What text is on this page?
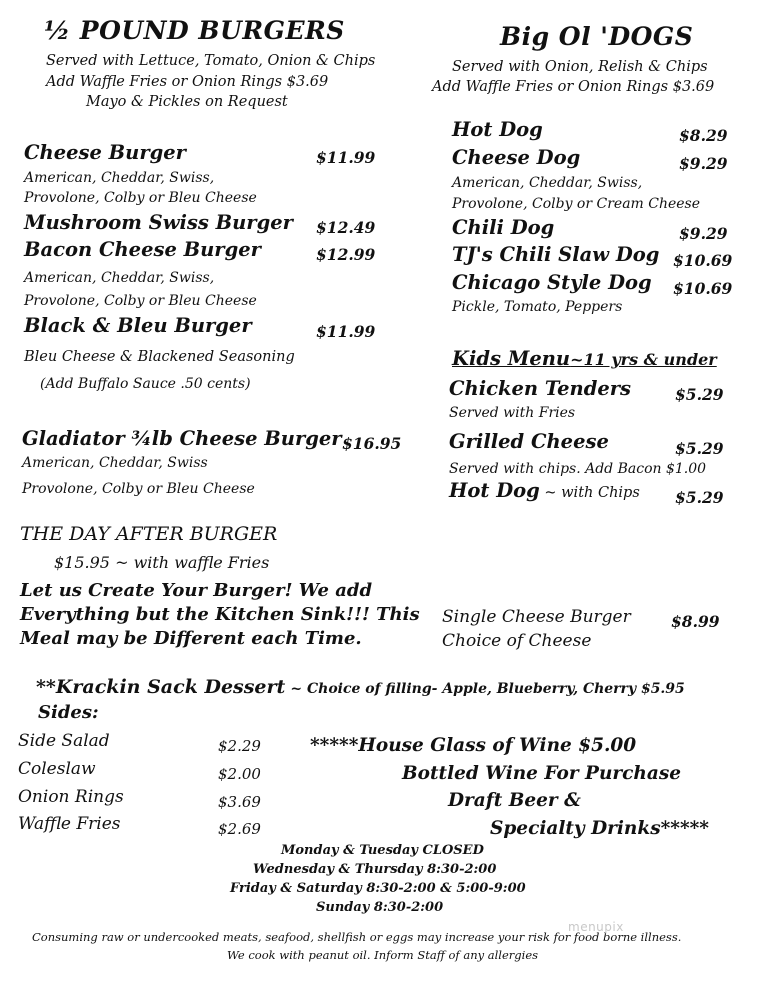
½ POUND BURGERS
Served with Lettuce, Tomato, Onion & Chips
Add Waffle Fries or Onion Rings $3.69
Mayo & Pickles on Request
Cheese Burger	$11.99
American, Cheddar, Swiss,
Provolone, Colby or Bleu Cheese
Mushroom Swiss Burger $12.49
Bacon Cheese Burger	$12.99
American, Cheddar, Swiss,
Provolone, Colby or Bleu Cheese
Black & Bleu Burger	$11.99
Bleu Cheese & Blackened Seasoning
(Add Buffalo Sauce .50 cents)
Gladiator ¾lb Cheese Burger $16.95
American, Cheddar, Swiss
Provolone, Colby or Bleu Cheese
THE DAY AFTER BURGER
$15.95 ~ with waffle Fries
Let us Create Your Burger! We add
Everything but the Kitchen Sink!!! This
Meal may be Different each Time.
Big Ol 'DOGS
Served with Onion, Relish & Chips
Add Waffle Fries or Onion Rings $3.69
Hot Dog	$8.29
Cheese Dog	$9.29
American, Cheddar, Swiss,
Provolone, Colby or Cream Cheese
Chili Dog	$9.29
TJ's Chili Slaw Dog $10.69
Chicago Style Dog $10.69
Pickle, Tomato, Peppers
Kids Menu~11 yrs & under
Chicken Tenders	$5.29
Served with Fries
Grilled Cheese	$5.29
Served with chips. Add Bacon $1.00
Hot Dog ~ with Chips $5.29
Single Cheese Burger	$8.99
Choice of Cheese
**Krackin Sack Dessert ~ Choice of filling- Apple, Blueberry, Cherry $5.95
Sides:
Side Salad	$2.29
Coleslaw	$2.00
Onion Rings	$3.69
Waffle Fries	$2.69
*****House Glass of Wine $5.00
Bottled Wine For Purchase
Draft Beer &
Specialty Drinks*****
Monday & Tuesday CLOSED
Wednesday & Thursday 8:30-2:00
Friday & Saturday 8:30-2:00 & 5:00-9:00
Sunday 8:30-2:00
Consuming raw or undercooked meats, seafood, shellfish or eggs may increase your risk for food borne illness.
We cook with peanut oil. Inform Staff of any allergies
menupix
